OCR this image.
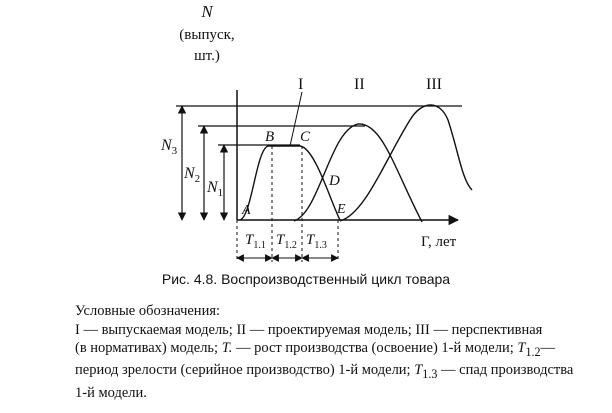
N
(выпуск,
шт.)
$N_3$
$N_2$ $N_1$
I	II	III
A
B C
D
E
$T_{1.1}$ $T_{1.2}$ $T_{1.3}$	Г, лет
Рис. 4.8. Воспроизводственный цикл товара

Условные обозначения:

I — выпускаемая модель; II — проектируемая модель; III — перспективная

(в нормативах) модель; T. — рост производства (освоение) 1-й модели; $T_{1.2}—$

период зрелости (серийное производство) 1-й модели; $T_{1.3}$ — спад производства

1-й модели.
